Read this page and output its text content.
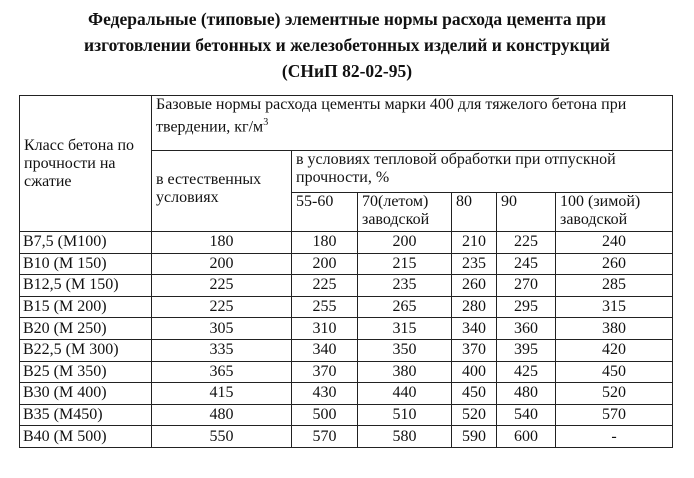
Федеральные (типовые) элементные нормы расхода цемента при
изготовлении бетонных и железобетонных изделий и конструкций
(СНиП 82-02-95)
Класс бетона по прочности на сжатие	Базовые нормы расхода цементы марки 400 для тяжелого бетона при твердении, $кг/м^3$
	в естественных условиях	в условиях тепловой обработки при отпускной прочности, %				
		55-60	70(летом) заводской	80	90	100 (зимой) заводской
В7,5 (М100)	180	180	200	210	225	240
В10 (М 150)	200	200	215	235	245	260
В12,5 (М 150)	225	225	235	260	270	285
В15 (М 200)	225	255	265	280	295	315
В20 (М 250)	305	310	315	340	360	380
В22,5 (М 300)	335	340	350	370	395	420
В25 (М 350)	365	370	380	400	425	450
В30 (М 400)	415	430	440	450	480	520
В35 (М450)	480	500	510	520	540	570
В40 (М 500)	550	570	580	590	600	-
